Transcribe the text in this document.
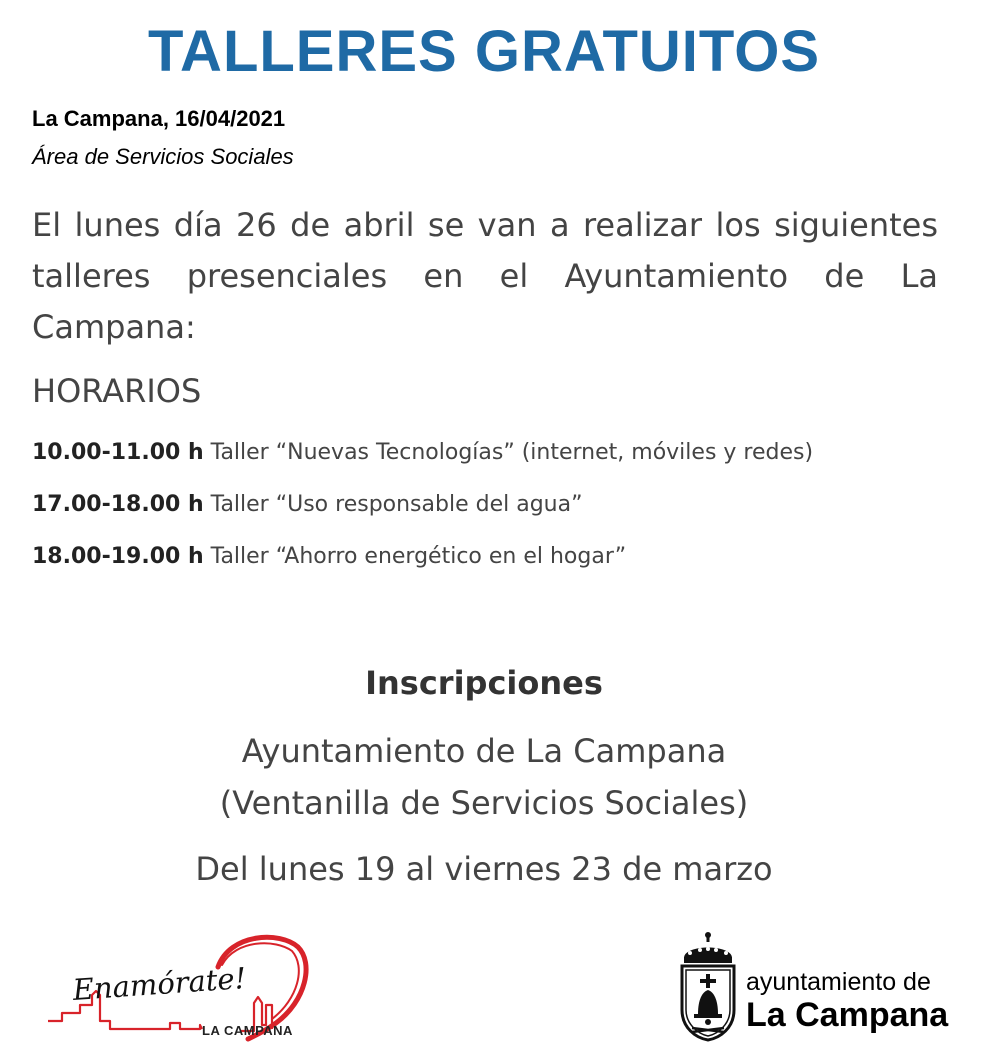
TALLERES GRATUITOS
La Campana, 16/04/2021
Área de Servicios Sociales
El lunes día 26 de abril se van a realizar los siguientes talleres presenciales en el Ayuntamiento de La Campana:
HORARIOS
10.00-11.00 h Taller “Nuevas Tecnologías” (internet, móviles y redes)
17.00-18.00 h Taller “Uso responsable del agua”
18.00-19.00 h Taller “Ahorro energético en el hogar”
Inscripciones
Ayuntamiento de La Campana
(Ventanilla de Servicios Sociales)
Del lunes 19 al viernes 23 de marzo
Enamórate!
LA CAMPANA
ayuntamiento de
La Campana
